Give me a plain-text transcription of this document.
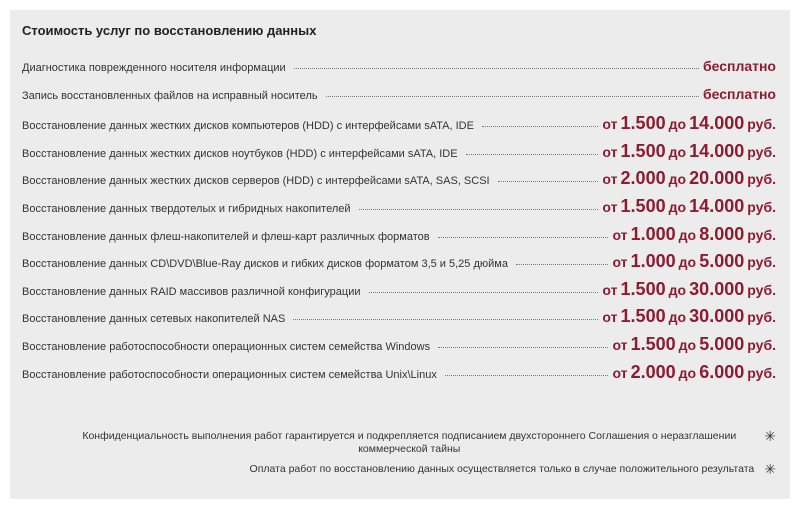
Стоимость услуг по восстановлению данных
Диагностика поврежденного носителя информации	бесплатно
Запись восстановленных файлов на исправный носитель	бесплатно
Восстановление данных жестких дисков компьютеров (HDD) с интерфейсами sATA, IDE	от 1.500 до 14.000 руб.
Восстановление данных жестких дисков ноутбуков (HDD) с интерфейсами sATA, IDE	от 1.500 до 14.000 руб.
Восстановление данных жестких дисков серверов (HDD) с интерфейсами sATA, SAS, SCSI	от 2.000 до 20.000 руб.
Восстановление данных твердотелых и гибридных накопителей	от 1.500 до 14.000 руб.
Восстановление данных флеш-накопителей и флеш-карт различных форматов	от 1.000 до 8.000 руб.
Восстановление данных CD\DVD\Blue-Ray дисков и гибких дисков форматом 3,5 и 5,25 дюйма	от 1.000 до 5.000 руб.
Восстановление данных RAID массивов различной конфигурации	от 1.500 до 30.000 руб.
Восстановление данных сетевых накопителей NAS	от 1.500 до 30.000 руб.
Восстановление работоспособности операционных систем семейства Windows	от 1.500 до 5.000 руб.
Восстановление работоспособности операционных систем семейства Unix\Linux	от 2.000 до 6.000 руб.
Конфиденциальность выполнения работ гарантируется и подкрепляется подписанием двухстороннего Соглашения о неразглашении коммерческой тайны
✳
Оплата работ по восстановлению данных осуществляется только в случае положительного результата ✳
